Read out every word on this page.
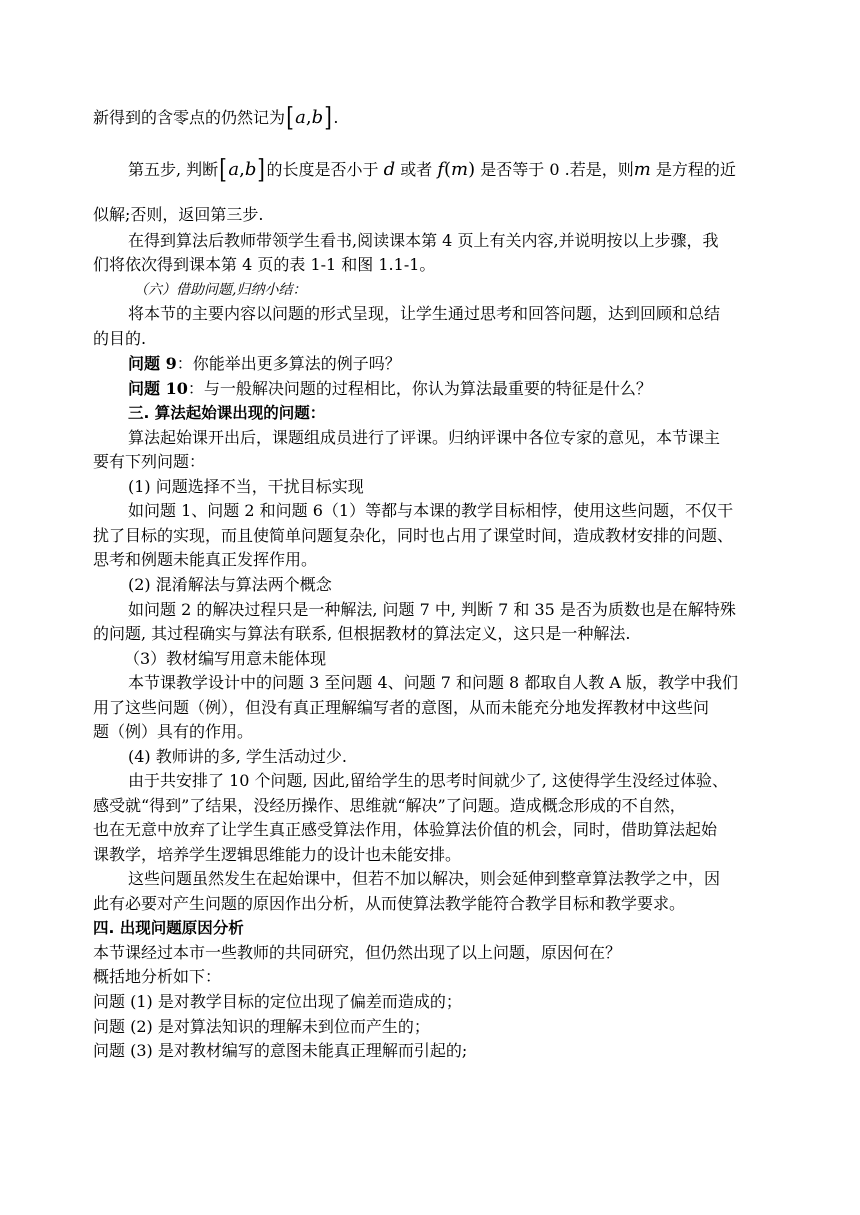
新得到的含零点的仍然记为[a,b].
第五步, 判断[a,b]的长度是否小于 d 或者 f(m) 是否等于 0 .若是，则m 是方程的近
似解;否则，返回第三步.
在得到算法后教师带领学生看书,阅读课本第 4 页上有关内容,并说明按以上步骤，我
们将依次得到课本第 4 页的表 1-1 和图 1.1-1。
（六）借助问题,归纳小结：
将本节的主要内容以问题的形式呈现，让学生通过思考和回答问题，达到回顾和总结
的目的.
问题 9：你能举出更多算法的例子吗？
问题 10：与一般解决问题的过程相比，你认为算法最重要的特征是什么？
三. 算法起始课出现的问题：
算法起始课开出后，课题组成员进行了评课。归纳评课中各位专家的意见，本节课主
要有下列问题：
(1) 问题选择不当，干扰目标实现
如问题 1、问题 2 和问题 6（1）等都与本课的教学目标相悖，使用这些问题，不仅干
扰了目标的实现，而且使简单问题复杂化，同时也占用了课堂时间，造成教材安排的问题、
思考和例题未能真正发挥作用。
(2) 混淆解法与算法两个概念
如问题 2 的解决过程只是一种解法, 问题 7 中, 判断 7 和 35 是否为质数也是在解特殊
的问题, 其过程确实与算法有联系, 但根据教材的算法定义，这只是一种解法.
（3）教材编写用意未能体现
本节课教学设计中的问题 3 至问题 4、问题 7 和问题 8 都取自人教 A 版，教学中我们
用了这些问题（例），但没有真正理解编写者的意图，从而未能充分地发挥教材中这些问
题（例）具有的作用。
(4) 教师讲的多, 学生活动过少.
由于共安排了 10 个问题, 因此,留给学生的思考时间就少了, 这使得学生没经过体验、
感受就“得到”了结果，没经历操作、思维就“解决”了问题。造成概念形成的不自然，
也在无意中放弃了让学生真正感受算法作用，体验算法价值的机会，同时，借助算法起始
课教学，培养学生逻辑思维能力的设计也未能安排。
这些问题虽然发生在起始课中，但若不加以解决，则会延伸到整章算法教学之中，因
此有必要对产生问题的原因作出分析，从而使算法教学能符合教学目标和教学要求。
四. 出现问题原因分析
本节课经过本市一些教师的共同研究，但仍然出现了以上问题，原因何在？
概括地分析如下：
问题 (1) 是对教学目标的定位出现了偏差而造成的；
问题 (2) 是对算法知识的理解未到位而产生的；
问题 (3) 是对教材编写的意图未能真正理解而引起的;
